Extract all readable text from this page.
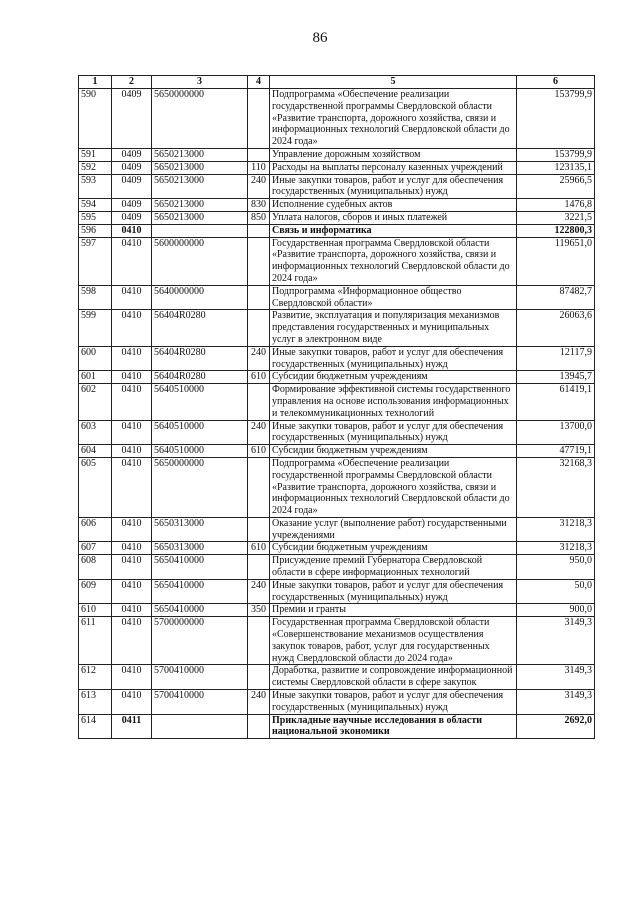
86
1	2	3	4	5	6
590	0409	5650000000		Подпрограмма «Обеспечение реализации государственной программы Свердловской области «Развитие транспорта, дорожного хозяйства, связи и информационных технологий Свердловской области до 2024 года»	153799,9
591	0409	5650213000		Управление дорожным хозяйством	153799,9
592	0409	5650213000	110	Расходы на выплаты персоналу казенных учреждений	123135,1
593	0409	5650213000	240	Иные закупки товаров, работ и услуг для обеспечения государственных (муниципальных) нужд	25966,5
594	0409	5650213000	830	Исполнение судебных актов	1476,8
595	0409	5650213000	850	Уплата налогов, сборов и иных платежей	3221,5
596	0410			Связь и информатика	122800,3
597	0410	5600000000		Государственная программа Свердловской области «Развитие транспорта, дорожного хозяйства, связи и информационных технологий Свердловской области до 2024 года»	119651,0
598	0410	5640000000		Подпрограмма «Информационное общество Свердловской области»	87482,7
599	0410	56404R0280		Развитие, эксплуатация и популяризация механизмов представления государственных и муниципальных услуг в электронном виде	26063,6
600	0410	56404R0280	240	Иные закупки товаров, работ и услуг для обеспечения государственных (муниципальных) нужд	12117,9
601	0410	56404R0280	610	Субсидии бюджетным учреждениям	13945,7
602	0410	5640510000		Формирование эффективной системы государственного управления на основе использования информационных и телекоммуникационных технологий	61419,1
603	0410	5640510000	240	Иные закупки товаров, работ и услуг для обеспечения государственных (муниципальных) нужд	13700,0
604	0410	5640510000	610	Субсидии бюджетным учреждениям	47719,1
605	0410	5650000000		Подпрограмма «Обеспечение реализации государственной программы Свердловской области «Развитие транспорта, дорожного хозяйства, связи и информационных технологий Свердловской области до 2024 года»	32168,3
606	0410	5650313000		Оказание услуг (выполнение работ) государственными учреждениями	31218,3
607	0410	5650313000	610	Субсидии бюджетным учреждениям	31218,3
608	0410	5650410000		Присуждение премий Губернатора Свердловской области в сфере информационных технологий	950,0
609	0410	5650410000	240	Иные закупки товаров, работ и услуг для обеспечения государственных (муниципальных) нужд	50,0
610	0410	5650410000	350	Премии и гранты	900,0
611	0410	5700000000		Государственная программа Свердловской области «Совершенствование механизмов осуществления закупок товаров, работ, услуг для государственных нужд Свердловской области до 2024 года»	3149,3
612	0410	5700410000		Доработка, развитие и сопровождение информационной системы Свердловской области в сфере закупок	3149,3
613	0410	5700410000	240	Иные закупки товаров, работ и услуг для обеспечения государственных (муниципальных) нужд	3149,3
614	0411			Прикладные научные исследования в области национальной экономики	2692,0
